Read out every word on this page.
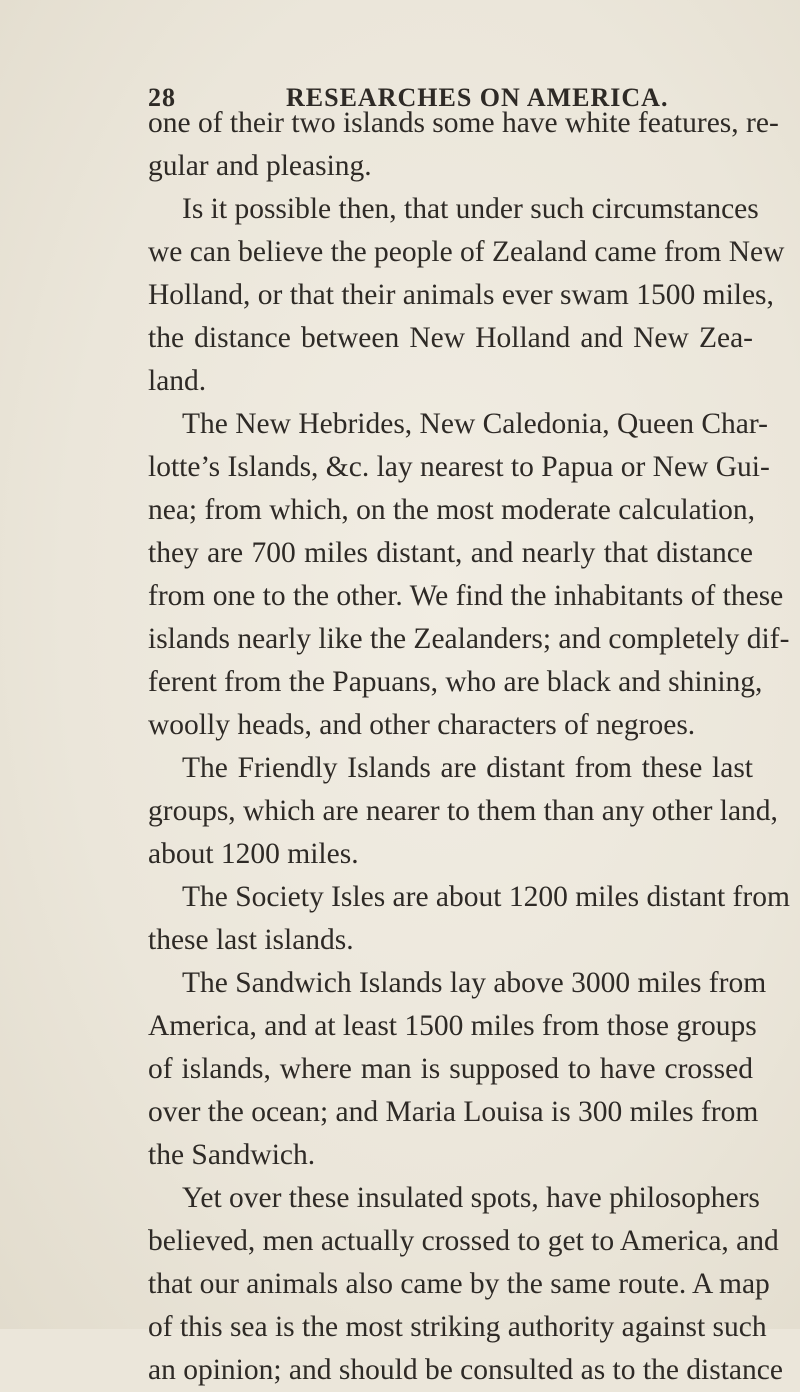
28	RESEARCHES ON AMERICA.
one of their two islands some have white features, re-
gular and pleasing.
Is it possible then, that under such circumstances
we can believe the people of Zealand came from New
Holland, or that their animals ever swam 1500 miles,
the distance between New Holland and New Zea-
land.
The New Hebrides, New Caledonia, Queen Char-
lotte’s Islands, &c. lay nearest to Papua or New Gui-
nea; from which, on the most moderate calculation,
they are 700 miles distant, and nearly that distance
from one to the other. We find the inhabitants of these
islands nearly like the Zealanders; and completely dif-
ferent from the Papuans, who are black and shining,
woolly heads, and other characters of negroes.
The Friendly Islands are distant from these last
groups, which are nearer to them than any other land,
about 1200 miles.
The Society Isles are about 1200 miles distant from
these last islands.
The Sandwich Islands lay above 3000 miles from
America, and at least 1500 miles from those groups
of islands, where man is supposed to have crossed
over the ocean; and Maria Louisa is 300 miles from
the Sandwich.
Yet over these insulated spots, have philosophers
believed, men actually crossed to get to America, and
that our animals also came by the same route. A map
of this sea is the most striking authority against such
an opinion; and should be consulted as to the distance
